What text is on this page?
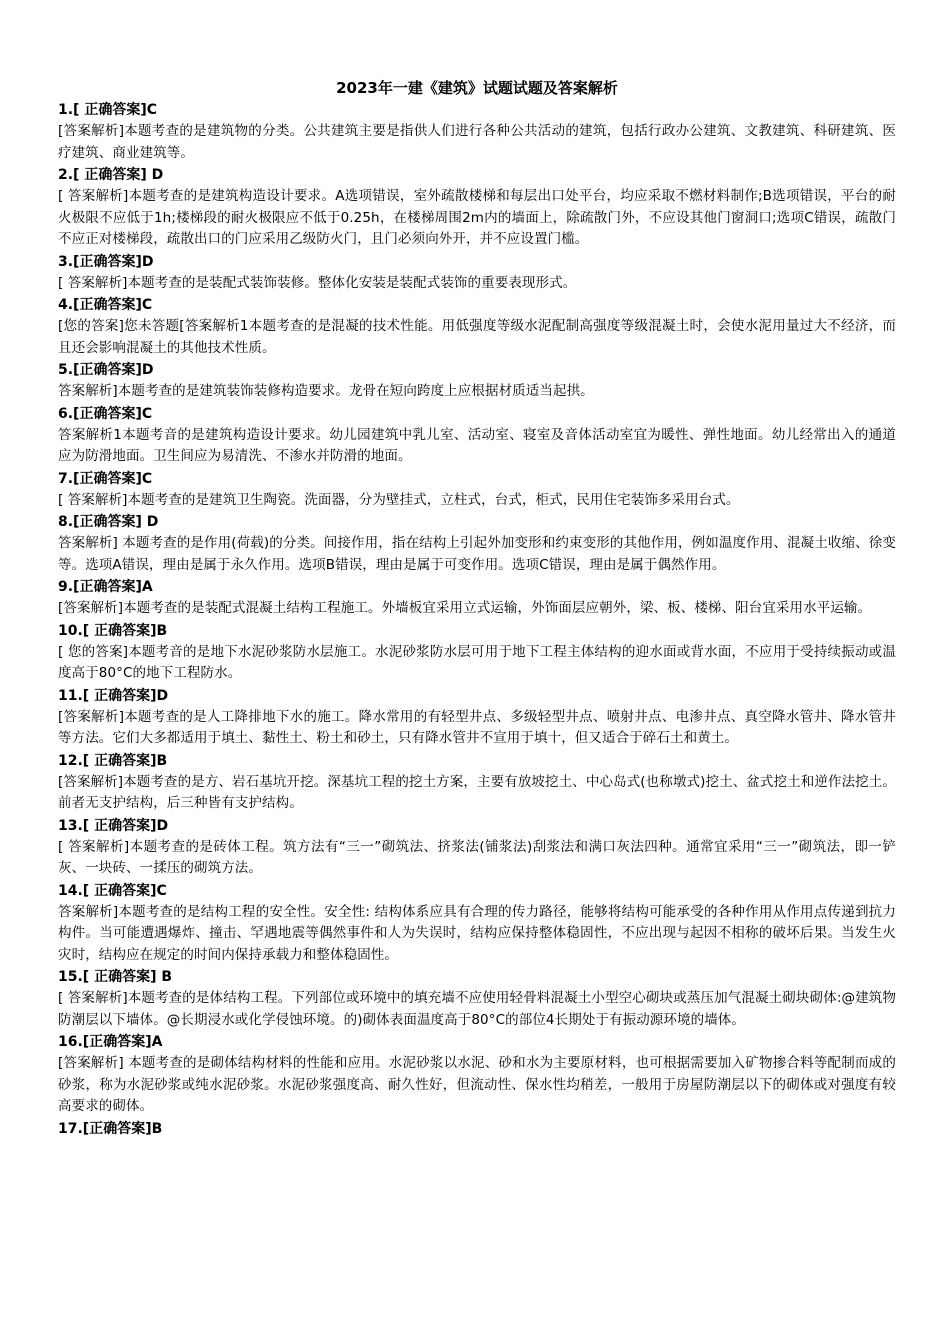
2023年一建《建筑》试题试题及答案解析

1.[ 正确答案]C

[答案解析]本题考查的是建筑物的分类。公共建筑主要是指供人们进行各种公共活动的建筑，包括行政办公建筑、文教建筑、科研建筑、医疗建筑、商业建筑等。

2.[ 正确答案] D

[ 答案解析]本题考查的是建筑构造设计要求。A选项错误，室外疏散楼梯和每层出口处平台，均应采取不燃材料制作;B选项错误，平台的耐火极限不应低于1h;楼梯段的耐火极限应不低于0.25h，在楼梯周围2m内的墙面上，除疏散门外，不应设其他门窗洞口;选项C错误，疏散门不应正对楼梯段，疏散出口的门应采用乙级防火门，且门必须向外开，并不应设置门槛。

3.[正确答案]D

[ 答案解析]本题考查的是装配式装饰装修。整体化安装是装配式装饰的重要表现形式。

4.[正确答案]C

[您的答案]您未答题[答案解析1本题考查的是混凝的技术性能。用低强度等级水泥配制高强度等级混凝土时，会使水泥用量过大不经济，而且还会影响混凝土的其他技术性质。

5.[正确答案]D

答案解析]本题考查的是建筑装饰装修构造要求。龙骨在短向跨度上应根据材质适当起拱。

6.[正确答案]C

答案解析1本题考音的是建筑构造设计要求。幼儿园建筑中乳儿室、活动室、寝室及音体活动室宜为暖性、弹性地面。幼儿经常出入的通道应为防滑地面。卫生间应为易清洗、不渗水并防滑的地面。

7.[正确答案]C

[ 答案解析]本题考查的是建筑卫生陶瓷。洗面器，分为壁挂式，立柱式，台式，柜式，民用住宅装饰多采用台式。

8.[正确答案] D

答案解析] 本题考查的是作用(荷载)的分类。间接作用，指在结构上引起外加变形和约束变形的其他作用，例如温度作用、混凝土收缩、徐变等。选项A错误，理由是属于永久作用。选项B错误，理由是属于可变作用。选项C错误，理由是属于偶然作用。

9.[正确答案]A

[答案解析]本题考查的是装配式混凝土结构工程施工。外墙板宜采用立式运输，外饰面层应朝外，梁、板、楼梯、阳台宜采用水平运输。

10.[ 正确答案]B

[ 您的答案]本题考音的是地下水泥砂浆防水层施工。水泥砂浆防水层可用于地下工程主体结构的迎水面或背水面，不应用于受持续振动或温度高于80°C的地下工程防水。

11.[ 正确答案]D

[答案解析]本题考查的是人工降排地下水的施工。降水常用的有轻型井点、多级轻型井点、喷射井点、电渗井点、真空降水管井、降水管井等方法。它们大多都适用于填土、黏性土、粉土和砂土，只有降水管井不宣用于填十，但又适合于碎石土和黄土。

12.[ 正确答案]B

[答案解析]本题考查的是方、岩石基坑开挖。深基坑工程的挖土方案，主要有放坡挖土、中心岛式(也称墩式)挖土、盆式挖土和逆作法挖土。前者无支护结构，后三种皆有支护结构。

13.[ 正确答案]D

[ 答案解析]本题考查的是砖体工程。筑方法有“三一”砌筑法、挤浆法(铺浆法)刮浆法和满口灰法四种。通常宜采用“三一”砌筑法，即一铲灰、一块砖、一揉压的砌筑方法。

14.[ 正确答案]C

答案解析]本题考查的是结构工程的安全性。安全性: 结构体系应具有合理的传力路径，能够将结构可能承受的各种作用从作用点传递到抗力构件。当可能遭遇爆炸、撞击、罕遇地震等偶然事件和人为失误时，结构应保持整体稳固性，不应出现与起因不相称的破坏后果。当发生火灾时，结构应在规定的时间内保持承载力和整体稳固性。

15.[ 正确答案] B

[ 答案解析]本题考查的是体结构工程。下列部位或环境中的填充墙不应使用轻骨料混凝土小型空心砌块或蒸压加气混凝土砌块砌体:@建筑物防潮层以下墙体。@长期浸水或化学侵蚀环境。的)砌体表面温度高于80°C的部位4长期处于有振动源环境的墙体。

16.[正确答案]A

[答案解析] 本题考查的是砌体结构材料的性能和应用。水泥砂浆以水泥、砂和水为主要原材料，也可根据需要加入矿物掺合料等配制而成的砂浆，称为水泥砂浆或纯水泥砂浆。水泥砂浆强度高、耐久性好，但流动性、保水性均稍差，一般用于房屋防潮层以下的砌体或对强度有较高要求的砌体。

17.[正确答案]B
